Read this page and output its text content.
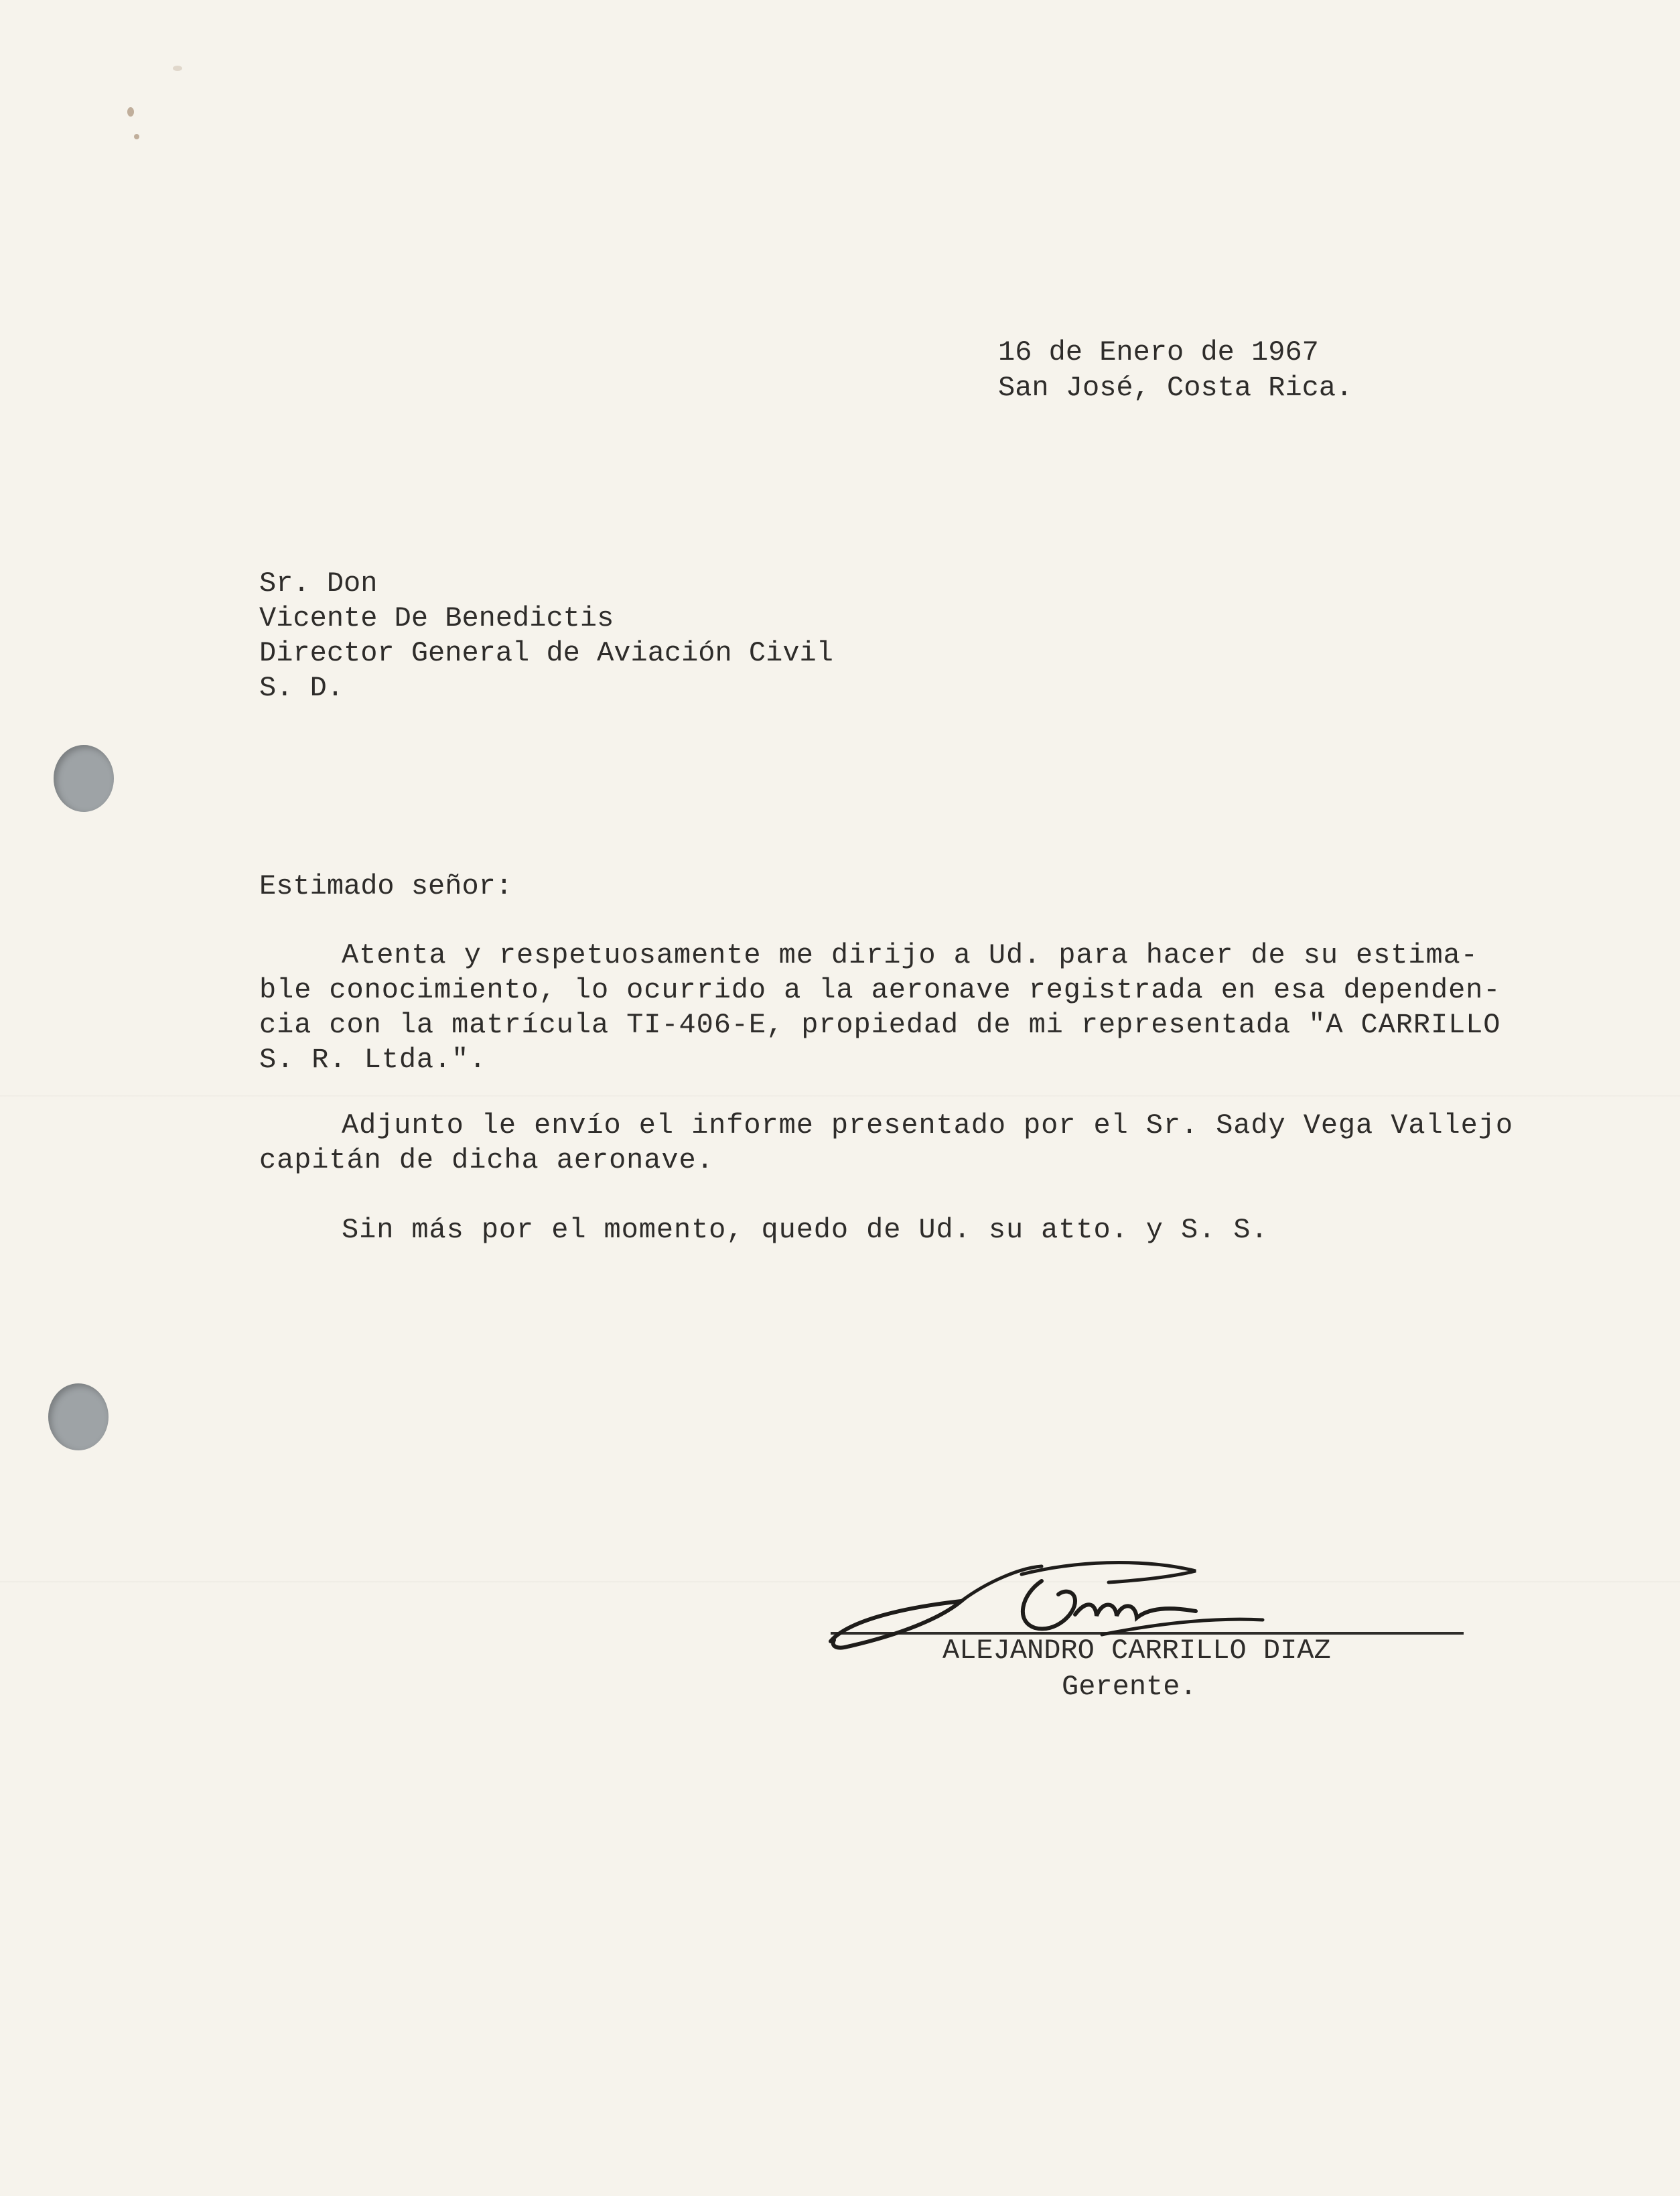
16 de Enero de 1967
San José, Costa Rica.
Sr. Don
Vicente De Benedictis
Director General de Aviación Civil
S. D.
Estimado señor:
Atenta y respetuosamente me dirijo a Ud. para hacer de su estima-
ble conocimiento, lo ocurrido a la aeronave registrada en esa dependen-
cia con la matrícula TI-406-E, propiedad de mi representada "A CARRILLO
S. R. Ltda.".
Adjunto le envío el informe presentado por el Sr. Sady Vega Vallejo
capitán de dicha aeronave.
Sin más por el momento, quedo de Ud. su atto. y S. S.
ALEJANDRO CARRILLO DIAZ
Gerente.
